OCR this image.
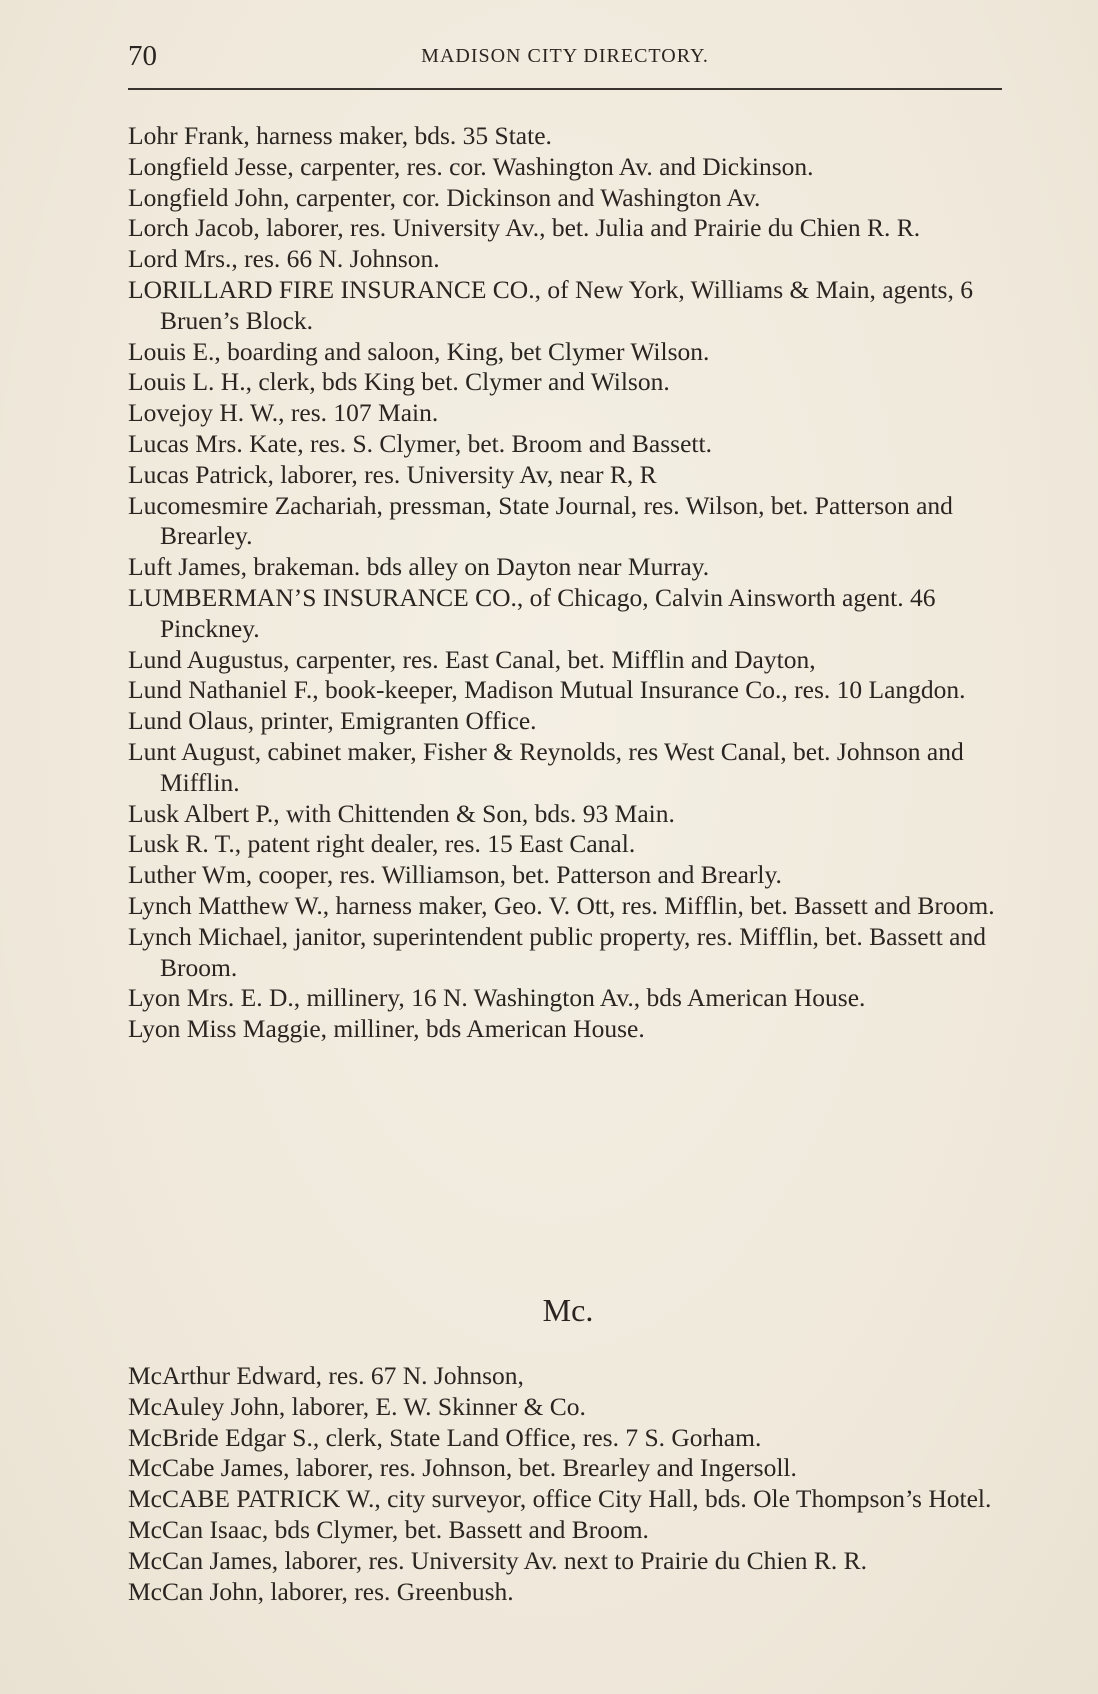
70	MADISON CITY DIRECTORY.
Lohr Frank, harness maker, bds. 35 State.
Longfield Jesse, carpenter, res. cor. Washington Av. and Dickinson.
Longfield John, carpenter, cor. Dickinson and Washington Av.
Lorch Jacob, laborer, res. University Av., bet. Julia and Prairie du Chien R. R.
Lord Mrs., res. 66 N. Johnson.
LORILLARD FIRE INSURANCE CO., of New York, Williams & Main, agents, 6 Bruen’s Block.
Louis E., boarding and saloon, King, bet Clymer Wilson.
Louis L. H., clerk, bds King bet. Clymer and Wilson.
Lovejoy H. W., res. 107 Main.
Lucas Mrs. Kate, res. S. Clymer, bet. Broom and Bassett.
Lucas Patrick, laborer, res. University Av, near R, R
Lucomesmire Zachariah, pressman, State Journal, res. Wilson, bet. Patterson and Brearley.
Luft James, brakeman. bds alley on Dayton near Murray.
LUMBERMAN’S INSURANCE CO., of Chicago, Calvin Ainsworth agent. 46 Pinckney.
Lund Augustus, carpenter, res. East Canal, bet. Mifflin and Dayton,
Lund Nathaniel F., book-keeper, Madison Mutual Insurance Co., res. 10 Langdon.
Lund Olaus, printer, Emigranten Office.
Lunt August, cabinet maker, Fisher & Reynolds, res West Canal, bet. Johnson and Mifflin.
Lusk Albert P., with Chittenden & Son, bds. 93 Main.
Lusk R. T., patent right dealer, res. 15 East Canal.
Luther Wm, cooper, res. Williamson, bet. Patterson and Brearly.
Lynch Matthew W., harness maker, Geo. V. Ott, res. Mifflin, bet. Bassett and Broom.
Lynch Michael, janitor, superintendent public property, res. Mifflin, bet. Bassett and Broom.
Lyon Mrs. E. D., millinery, 16 N. Washington Av., bds American House.
Lyon Miss Maggie, milliner, bds American House.
Mc.
McArthur Edward, res. 67 N. Johnson,
McAuley John, laborer, E. W. Skinner & Co.
McBride Edgar S., clerk, State Land Office, res. 7 S. Gorham.
McCabe James, laborer, res. Johnson, bet. Brearley and Ingersoll.
McCABE PATRICK W., city surveyor, office City Hall, bds. Ole Thompson’s Hotel.
McCan Isaac, bds Clymer, bet. Bassett and Broom.
McCan James, laborer, res. University Av. next to Prairie du Chien R. R.
McCan John, laborer, res. Greenbush.
